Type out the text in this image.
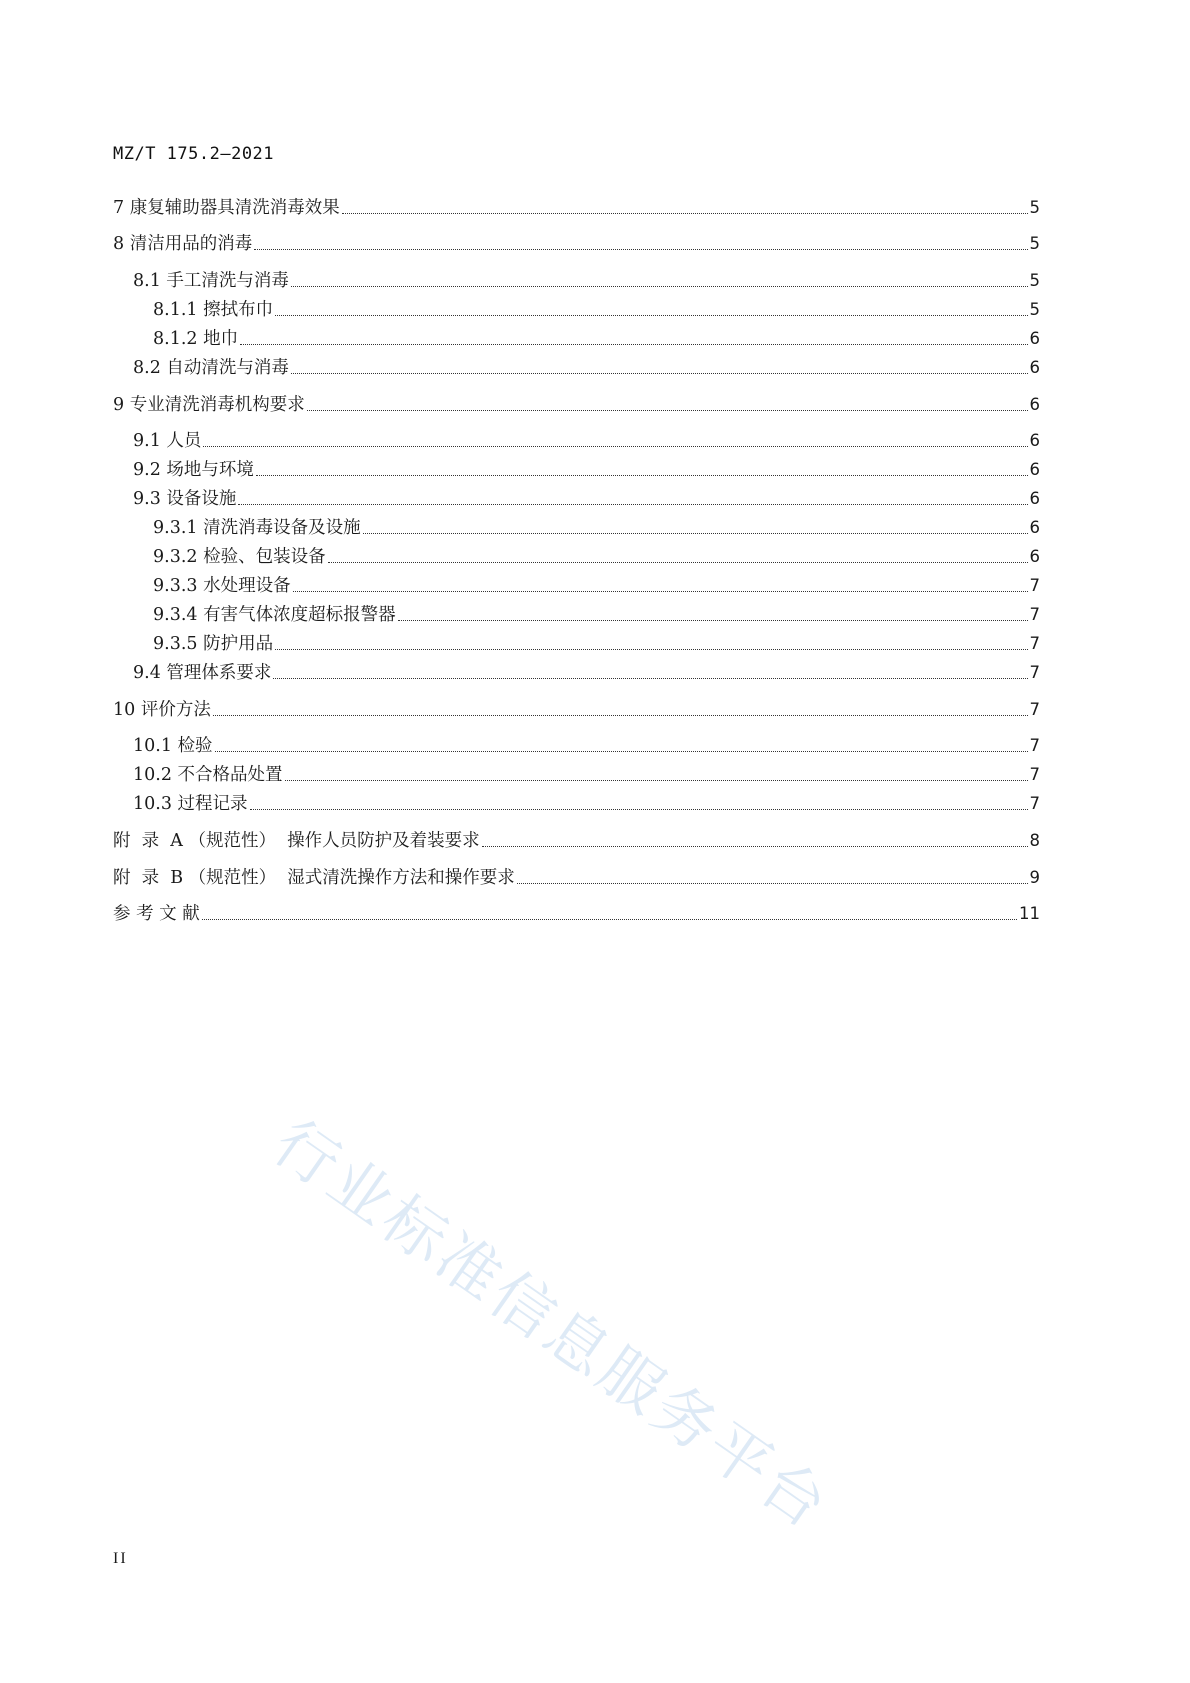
MZ/T 175.2—2021
7 康复辅助器具清洗消毒效果	5
8 清洁用品的消毒	5
8.1 手工清洗与消毒	5
8.1.1 擦拭布巾	5
8.1.2 地巾	6
8.2 自动清洗与消毒	6
9 专业清洗消毒机构要求	6
9.1 人员	6
9.2 场地与环境	6
9.3 设备设施	6
9.3.1 清洗消毒设备及设施	6
9.3.2 检验、包装设备	6
9.3.3 水处理设备	7
9.3.4 有害气体浓度超标报警器	7
9.3.5 防护用品	7
9.4 管理体系要求	7
10 评价方法	7
10.1 检验	7
10.2 不合格品处置	7
10.3 过程记录	7
附  录  A （规范性）  操作人员防护及着装要求	8
附  录  B （规范性）  湿式清洗操作方法和操作要求	9
参 考 文 献	11
II
行业标准信息服务平台
